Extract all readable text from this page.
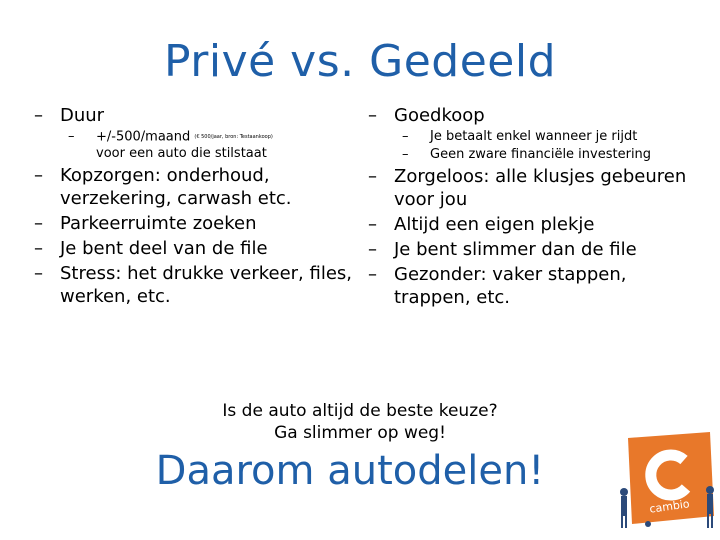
Privé vs. Gedeeld
– Duur
– +/-500/maand (€ 500/jaar, bron: Testaankoop)
voor een auto die stilstaat
– Kopzorgen: onderhoud, verzekering, carwash etc.
– Parkeerruimte zoeken
– Je bent deel van de file
– Stress: het drukke verkeer, files, werken, etc.
– Goedkoop
– Je betaalt enkel wanneer je rijdt
– Geen zware financiële investering
– Zorgeloos: alle klusjes gebeuren voor jou
– Altijd een eigen plekje
– Je bent slimmer dan de file
– Gezonder: vaker stappen, trappen, etc.
Is de auto altijd de beste keuze?
Ga slimmer op weg!
Daarom autodelen!
cambio
